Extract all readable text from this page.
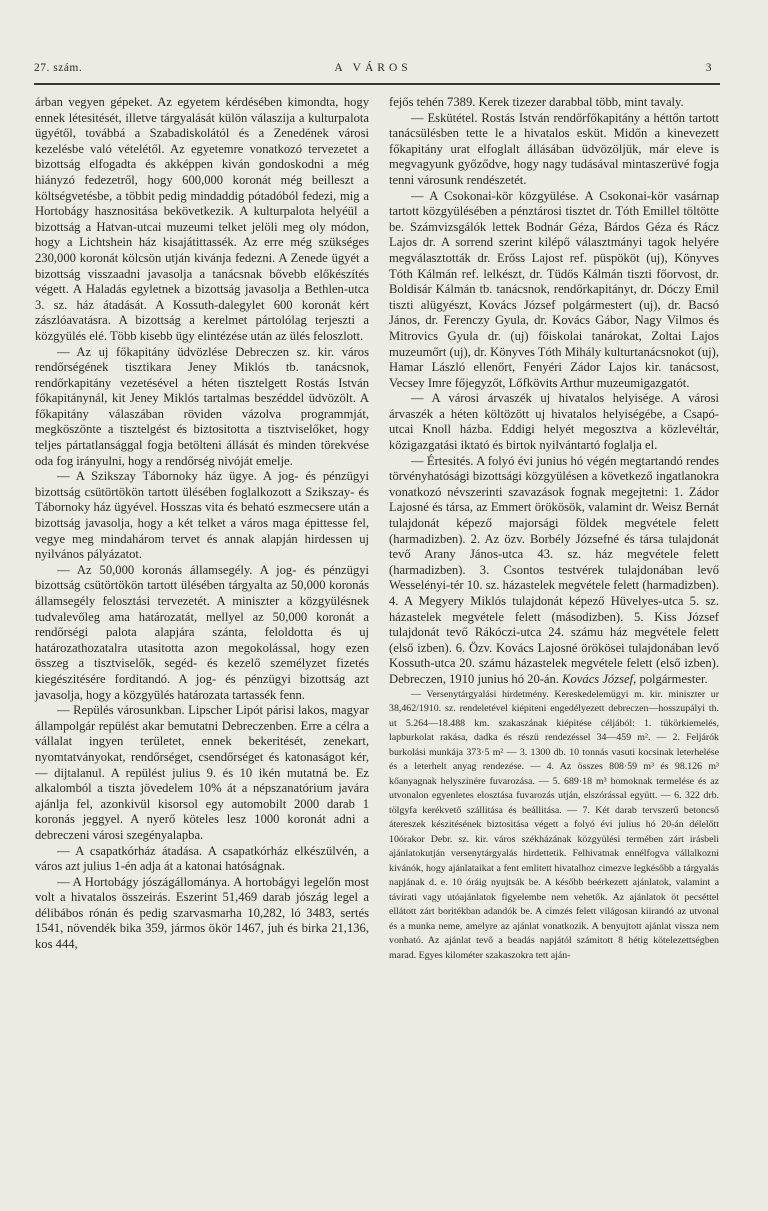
27. szám.	A VÁROS	3

árban vegyen gépeket. Az egyetem kérdésében kimondta, hogy ennek létesitését, illetve tárgyalását külön válaszija a kulturpalota ügyétől, továbbá a Szabadiskolától és a Zenedének városi kezelésbe való vételétől. Az egyetemre vonatkozó tervezetet a bizottság elfogadta és akképpen kiván gondoskodni a még hiányzó fedezetről, hogy 600,000 koronát még beilleszt a költségvetésbe, a többit pedig mindaddig pótadóból fedezi, mig a Hortobágy hasznositása bekövetkezik. A kulturpalota helyéül a bizottság a Hatvan-utcai muzeumi telket jelöli meg oly módon, hogy a Lichtshein ház kisajátittassék. Az erre még szükséges 230,000 koronát kölcsön utján kivánja fedezni. A Zenede ügyét a bizottság visszaadni javasolja a tanácsnak bővebb előkészítés végett. A Haladás egyletnek a bizottság javasolja a Bethlen-utca 3. sz. ház átadását. A Kossuth-dalegylet 600 koronát kért zászlóavatásra. A bizottság a kerelmet pártolólag terjeszti a közgyülés elé. Több kisebb ügy elintézése után az ülés feloszlott.

— Az uj főkapitány üdvözlése Debreczen sz. kir. város rendőrségének tisztikara Jeney Miklós tb. tanácsnok, rendőrkapitány vezetésével a héten tisztelgett Rostás István főkapitánynál, kit Jeney Miklós tartalmas beszéddel üdvözölt. A főkapitány válaszában röviden vázolva programmját, megköszönte a tisztelgést és biztositotta a tisztviselőket, hogy teljes pártatlansággal fogja betölteni állását és minden törekvése oda fog irányulni, hogy a rendőrség nivóját emelje.

— A Szikszay Tábornoky ház ügye. A jog- és pénzügyi bizottság csütörtökön tartott ülésében foglalkozott a Szikszay- és Tábornoky ház ügyével. Hosszas vita és beható eszmecsere után a bizottság javasolja, hogy a két telket a város maga épittesse fel, vegye meg mindahárom tervet és annak alapján hirdessen uj nyilvános pályázatot.

— Az 50,000 koronás államsegély. A jog- és pénzügyi bizottság csütörtökön tartott ülésében tárgyalta az 50,000 koronás államsegély felosztási tervezetét. A miniszter a közgyülésnek tudvalevőleg ama határozatát, mellyel az 50,000 koronát a rendőrségi palota alapjára szánta, feloldotta és uj határozathozatalra utasitotta azon megokolással, hogy ezen összeg a tisztviselők, segéd- és kezelő személyzet fizetés kiegészitésére forditandó. A jog- és pénzügyi bizottság azt javasolja, hogy a közgyülés határozata tartassék fenn.

— Repülés városunkban. Lipscher Lipót párisi lakos, magyar állampolgár repülést akar bemutatni Debreczenben. Erre a célra a vállalat ingyen területet, ennek bekeritését, zenekart, nyomtatványokat, rendőrséget, csendőrséget és katonaságot kér, — dijtalanul. A repülést julius 9. és 10 ikén mutatná be. Ez alkalomból a tiszta jövedelem 10% át a népszanatórium javára ajánlja fel, azonkivül kisorsol egy automobilt 2000 darab 1 koronás jeggyel. A nyerő köteles lesz 1000 koronát adni a debreczeni városi szegényalapba.

— A csapatkórház átadása. A csapatkórház elkészülvén, a város azt julius 1-én adja át a katonai hatóságnak.

— A Hortobágy jószágállománya. A hortobágyi legelőn most volt a hivatalos összeirás. Eszerint 51,469 darab jószág legel a délibábos rónán és pedig szarvasmarha 10,282, ló 3483, sertés 1541, növendék bika 359, jármos ökör 1467, juh és birka 21,136, kos 444,

fejős tehén 7389. Kerek tizezer darabbal több, mint tavaly.

— Eskütétel. Rostás István rendőrfőkapitány a héttőn tartott tanácsülésben tette le a hivatalos esküt. Midőn a kinevezett főkapitány urat elfoglalt állásában üdvözöljük, már eleve is megvagyunk győződve, hogy nagy tudásával mintaszerüvé fogja tenni városunk rendészetét.

— A Csokonai-kör közgyülése. A Csokonai-kör vasárnap tartott közgyülésében a pénztárosi tisztet dr. Tóth Emillel töltötte be. Számvizsgálók lettek Bodnár Géza, Bárdos Géza és Rácz Lajos dr. A sorrend szerint kilépő választmányi tagok helyére megválasztották dr. Erőss Lajost ref. püspököt (uj), Könyves Tóth Kálmán ref. lelkészt, dr. Tüdős Kálmán tiszti főorvost, dr. Boldisár Kálmán tb. tanácsnok, rendőrkapitányt, dr. Dóczy Emil tiszti alügyészt, Kovács József polgármestert (uj), dr. Bacsó János, dr. Ferenczy Gyula, dr. Kovács Gábor, Nagy Vilmos és Mitrovics Gyula dr. (uj) főiskolai tanárokat, Zoltai Lajos muzeumőrt (uj), dr. Könyves Tóth Mihály kulturtanácsnokot (uj), Hamar László ellenőrt, Fenyéri Zádor Lajos kir. tanácsost, Vecsey Imre főjegyzőt, Lőfkövits Arthur muzeumigazgatót.

— A városi árvaszék uj hivatalos helyisége. A városi árvaszék a héten költözött uj hivatalos helyiségébe, a Csapó-utcai Knoll házba. Eddigi helyét megosztva a közlevéltár, közigazgatási iktató és birtok nyilvántartó foglalja el.

— Értesités. A folyó évi junius hó végén megtartandó rendes törvényhatósági bizottsági közgyülésen a következő ingatlanokra vonatkozó névszerinti szavazások fognak megejtetni: 1. Zádor Lajosné és társa, az Emmert örökösök, valamint dr. Weisz Bernát tulajdonát képező majorsági földek megvétele felett (harmadizben). 2. Az özv. Borbély Józsefné és társa tulajdonát tevő Arany János-utca 43. sz. ház megvétele felett (harmadizben). 3. Csontos testvérek tulajdonában levő Wesselényi-tér 10. sz. házastelek megvétele felett (harmadizben). 4. A Megyery Miklós tulajdonát képező Hüvelyes-utca 5. sz. házastelek megvétele felett (másodizben). 5. Kiss József tulajdonát tevő Rákóczi-utca 24. számu ház megvétele felett (első izben). 6. Özv. Kovács Lajosné örökösei tulajdonában levő Kossuth-utca 20. számu házastelek megvétele felett (első izben). Debreczen, 1910 junius hó 20-án. Kovács József, polgármester.

— Versenytárgyalási hirdetmény. Kereskedelemügyi m. kir. miniszter ur 38,462/1910. sz. rendeletével kiépiteni engedélyezett debreczen—hosszupályi th. ut 5.264—18.488 km. szakaszának kiépitése céljából: 1. tükörkiemelés, lapburkolat rakása, dadka és részü rendezéssel 34—459 m². — 2. Feljárók burkolási munkája 373·5 m² — 3. 1300 db. 10 tonnás vasuti kocsinak leterhelése és a leterhelt anyag rendezése. — 4. Az összes 808·59 m³ és 98.126 m³ kőanyagnak helyszinére fuvarozása. — 5. 689·18 m³ homoknak termelése és az utvonalon egyenletes elosztása fuvarozás utján, elszórással együtt. — 6. 322 drb. tölgyfa kerékvető szállitása és beállitása. — 7. Két darab tervszerű betoncső átereszek készitésének biztositása végett a folyó évi julius hó 20-án délelőtt 10órakor Debr. sz. kir. város székházának közgyülési termében zárt irásbeli ajánlatokutján versenytárgyalás hirdettetik. Felhivatnak ennélfogva vállalkozni kivánók, hogy ajánlataikat a fent emlitett hivatalhoz cimezve legkésőbb a tárgyalás napjának d. e. 10 óráig nyujtsák be. A később beérkezett ajánlatok, valamint a távirati vagy utóajánlatok figyelembe nem vehetők. Az ajánlatok öt pecséttel ellátott zárt boritékban adandók be. A cimzés felett világosan kiirandó az utvonal és a munka neme, amelyre az ajánlat vonatkozik. A benyujtott ajánlat vissza nem vonható. Az ajánlat tevő a beadás napjától számitott 8 hétig kötelezettségben marad. Egyes kilométer szakaszokra tett aján-
